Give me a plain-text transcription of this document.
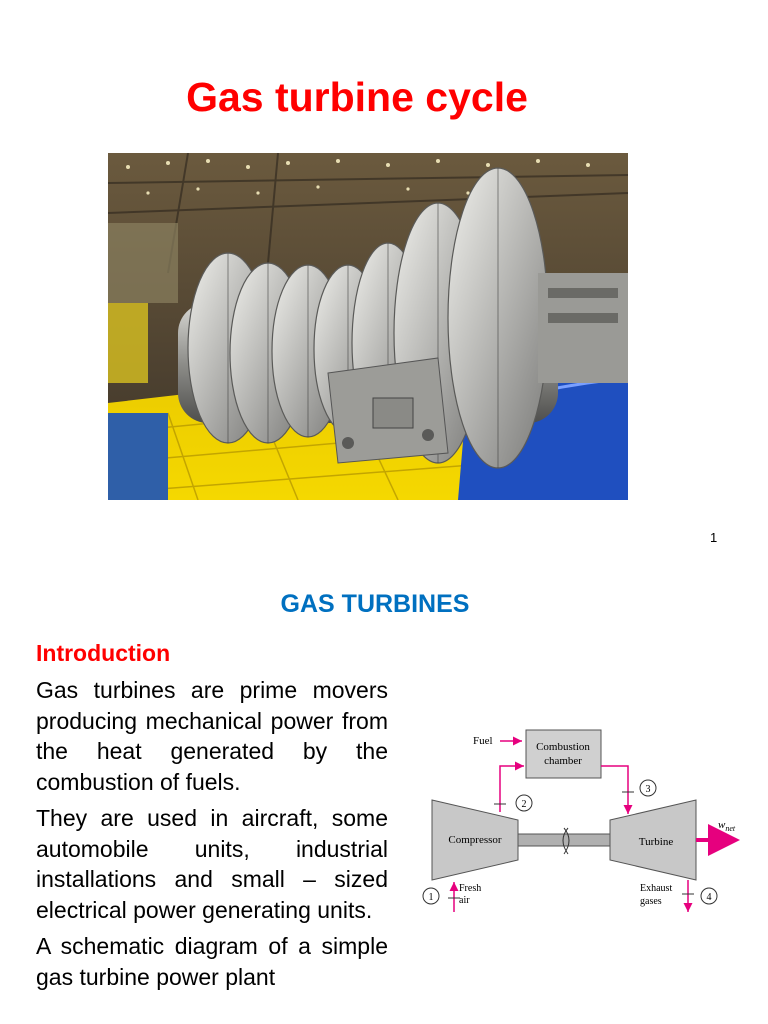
Gas turbine cycle
1
GAS TURBINES
Introduction

Gas turbines are prime movers producing mechanical power from the heat generated by the combustion of fuels.

They are used in aircraft, some automobile units, industrial installations and small – sized electrical power generating units.

A schematic diagram of a simple gas turbine power plant

Combustion
chamber
Fuel
2
3
Compressor	Turbine
$w_{net}$
1
Fresh
air
Exhaust
gases	4
